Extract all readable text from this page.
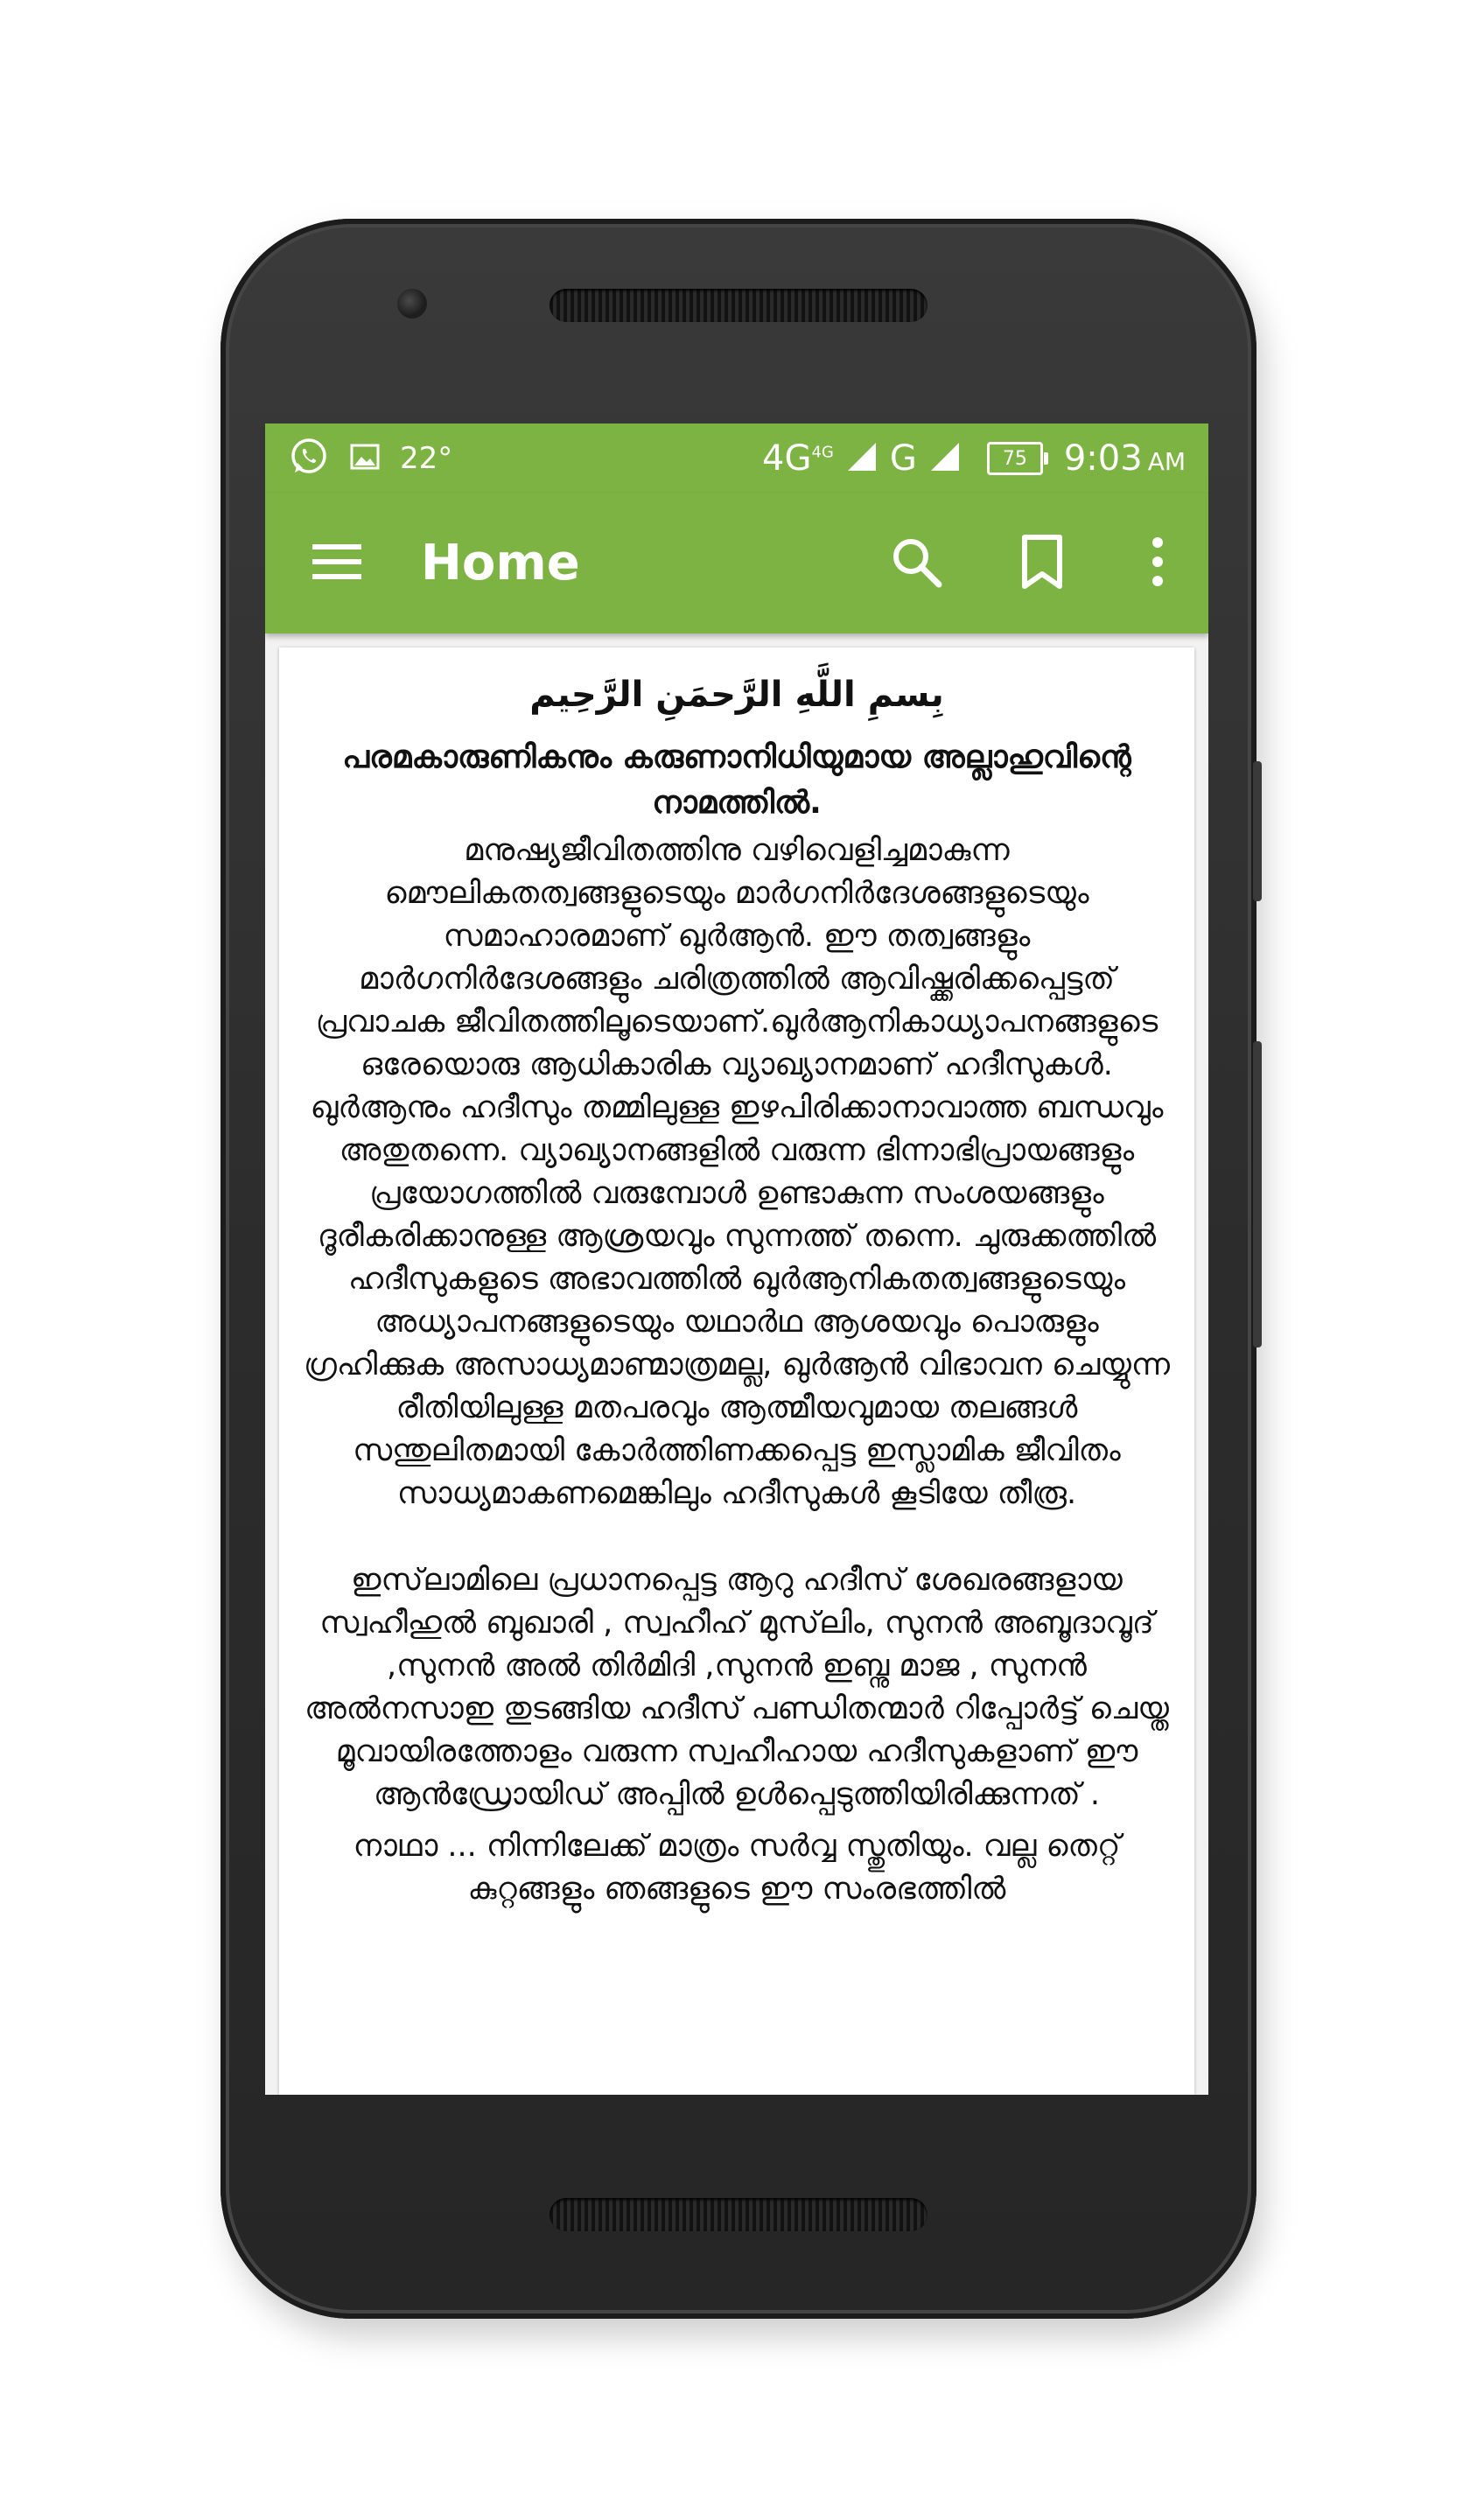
22°	$4G^{4G}$ G	75 9:03 AM
Home

بِسمِ اللَّهِ الرَّحمَنِ الرَّحِيم

പരമകാരുണികനും കരുണാനിധിയുമായ അല്ലാഹുവിന്റെ നാമത്തിൽ.

മനുഷ്യജീവിതത്തിനു വഴിവെളിച്ചമാകുന്ന മൌലികതത്വങ്ങളുടെയും മാർഗനിർദേശങ്ങളുടെയും സമാഹാരമാണ് ഖുർആൻ. ഈ തത്വങ്ങളും മാർഗനിർദേശങ്ങളും ചരിത്രത്തിൽ ആവിഷ്ക്കരിക്കപ്പെട്ടത് പ്രവാചക ജീവിതത്തിലൂടെയാണ്.ഖുർആനികാധ്യാപനങ്ങളുടെ ഒരേയൊരു ആധികാരിക വ്യാഖ്യാനമാണ് ഹദീസുകൾ. ഖുർആനും ഹദീസും തമ്മിലുള്ള ഇഴപിരിക്കാനാവാത്ത ബന്ധവും അതുതന്നെ. വ്യാഖ്യാനങ്ങളിൽ വരുന്ന ഭിന്നാഭിപ്രായങ്ങളും പ്രയോഗത്തിൽ വരുമ്പോൾ ഉണ്ടാകുന്ന സംശയങ്ങളും ദൂരീകരിക്കാനുള്ള ആശ്രയവും സുന്നത്ത് തന്നെ. ചുരുക്കത്തിൽ ഹദീസുകളുടെ അഭാവത്തിൽ ഖുർആനികതത്വങ്ങളുടെയും അധ്യാപനങ്ങളുടെയും യഥാർഥ ആശയവും പൊരുളും ഗ്രഹിക്കുക അസാധ്യമാണ്മാത്രമല്ല, ഖുർആൻ വിഭാവന ചെയ്യുന്ന രീതിയിലുള്ള മതപരവും ആത്മീയവുമായ തലങ്ങൾ സന്തുലിതമായി കോർത്തിണക്കപ്പെട്ട ഇസ്ലാമിക ജീവിതം സാധ്യമാകണമെങ്കിലും ഹദീസുകൾ കൂടിയേ തീരൂ.

ഇസ്‌ലാമിലെ പ്രധാനപ്പെട്ട ആറു ഹദീസ് ശേഖരങ്ങളായ സ്വഹീഹുൽ ബുഖാരി , സ്വഹീഹ് മുസ്‌ലിം, സുനൻ അബൂദാവൂദ് ,സുനൻ അൽ തിർമിദി ,സുനൻ ഇബ്നു മാജ , സുനൻ അൽനസാഇ തുടങ്ങിയ ഹദീസ് പണ്ഡിതന്മാർ റിപ്പോർട്ട് ചെയ്ത മൂവായിരത്തോളം വരുന്ന സ്വഹീഹായ ഹദീസുകളാണ് ഈ ആൻഡ്രോയിഡ് അപ്പിൽ ഉൾപ്പെടുത്തിയിരിക്കുന്നത് .

നാഥാ ... നിന്നിലേക്ക് മാത്രം സർവ്വ സ്തുതിയും. വല്ല തെറ്റ് കുറ്റങ്ങളും ഞങ്ങളുടെ ഈ സംരഭത്തിൽ
